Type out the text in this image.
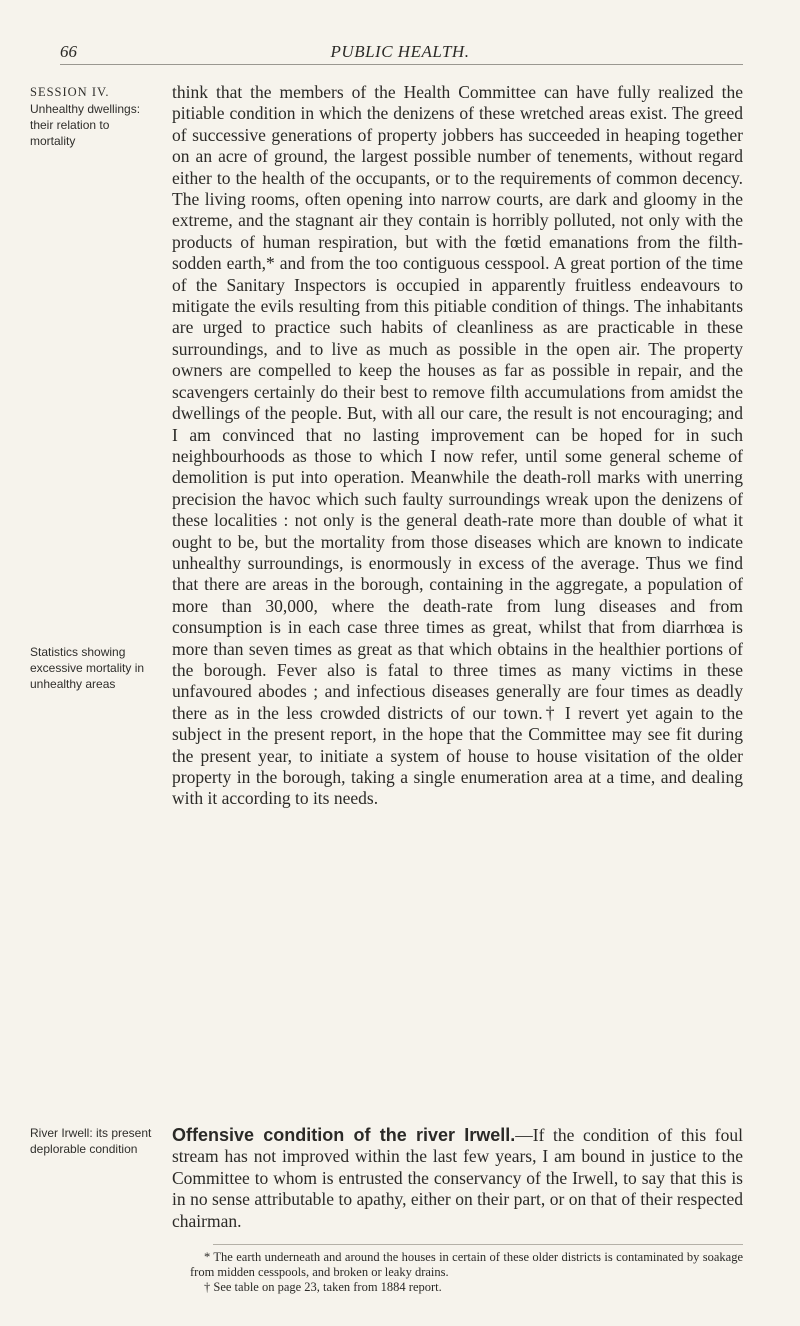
66	PUBLIC HEALTH.
SESSION IV.
Unhealthy dwellings: their relation to mortality
Statistics showing excessive mortality in unhealthy areas
River Irwell: its present deplorable condition

think that the members of the Health Committee can have fully realized the pitiable condition in which the denizens of these wretched areas exist. The greed of successive generations of property jobbers has succeeded in heaping together on an acre of ground, the largest possible number of tenements, without regard either to the health of the occupants, or to the requirements of common decency. The living rooms, often opening into narrow courts, are dark and gloomy in the extreme, and the stagnant air they contain is horribly polluted, not only with the products of human respiration, but with the fœtid emanations from the filth-sodden earth,* and from the too contiguous cesspool. A great portion of the time of the Sanitary Inspectors is occupied in apparently fruitless endeavours to mitigate the evils resulting from this pitiable condition of things. The inhabitants are urged to practice such habits of cleanliness as are practicable in these surroundings, and to live as much as possible in the open air. The property owners are compelled to keep the houses as far as possible in repair, and the scavengers certainly do their best to remove filth accumulations from amidst the dwellings of the people. But, with all our care, the result is not encouraging; and I am convinced that no lasting improvement can be hoped for in such neighbourhoods as those to which I now refer, until some general scheme of demolition is put into operation. Meanwhile the death-roll marks with unerring precision the havoc which such faulty surroundings wreak upon the denizens of these localities : not only is the general death-rate more than double of what it ought to be, but the mortality from those diseases which are known to indicate unhealthy surroundings, is enormously in excess of the average. Thus we find that there are areas in the borough, containing in the aggregate, a population of more than 30,000, where the death-rate from lung diseases and from consumption is in each case three times as great, whilst that from diarrhœa is more than seven times as great as that which obtains in the healthier portions of the borough. Fever also is fatal to three times as many victims in these unfavoured abodes ; and infectious diseases generally are four times as deadly there as in the less crowded districts of our town.† I revert yet again to the subject in the present report, in the hope that the Committee may see fit during the present year, to initiate a system of house to house visitation of the older property in the borough, taking a single enumeration area at a time, and dealing with it according to its needs.

Offensive condition of the river Irwell.—If the condition of this foul stream has not improved within the last few years, I am bound in justice to the Committee to whom is entrusted the conservancy of the Irwell, to say that this is in no sense attributable to apathy, either on their part, or on that of their respected chairman.

* The earth underneath and around the houses in certain of these older districts is contaminated by soakage from midden cesspools, and broken or leaky drains.

† See table on page 23, taken from 1884 report.
